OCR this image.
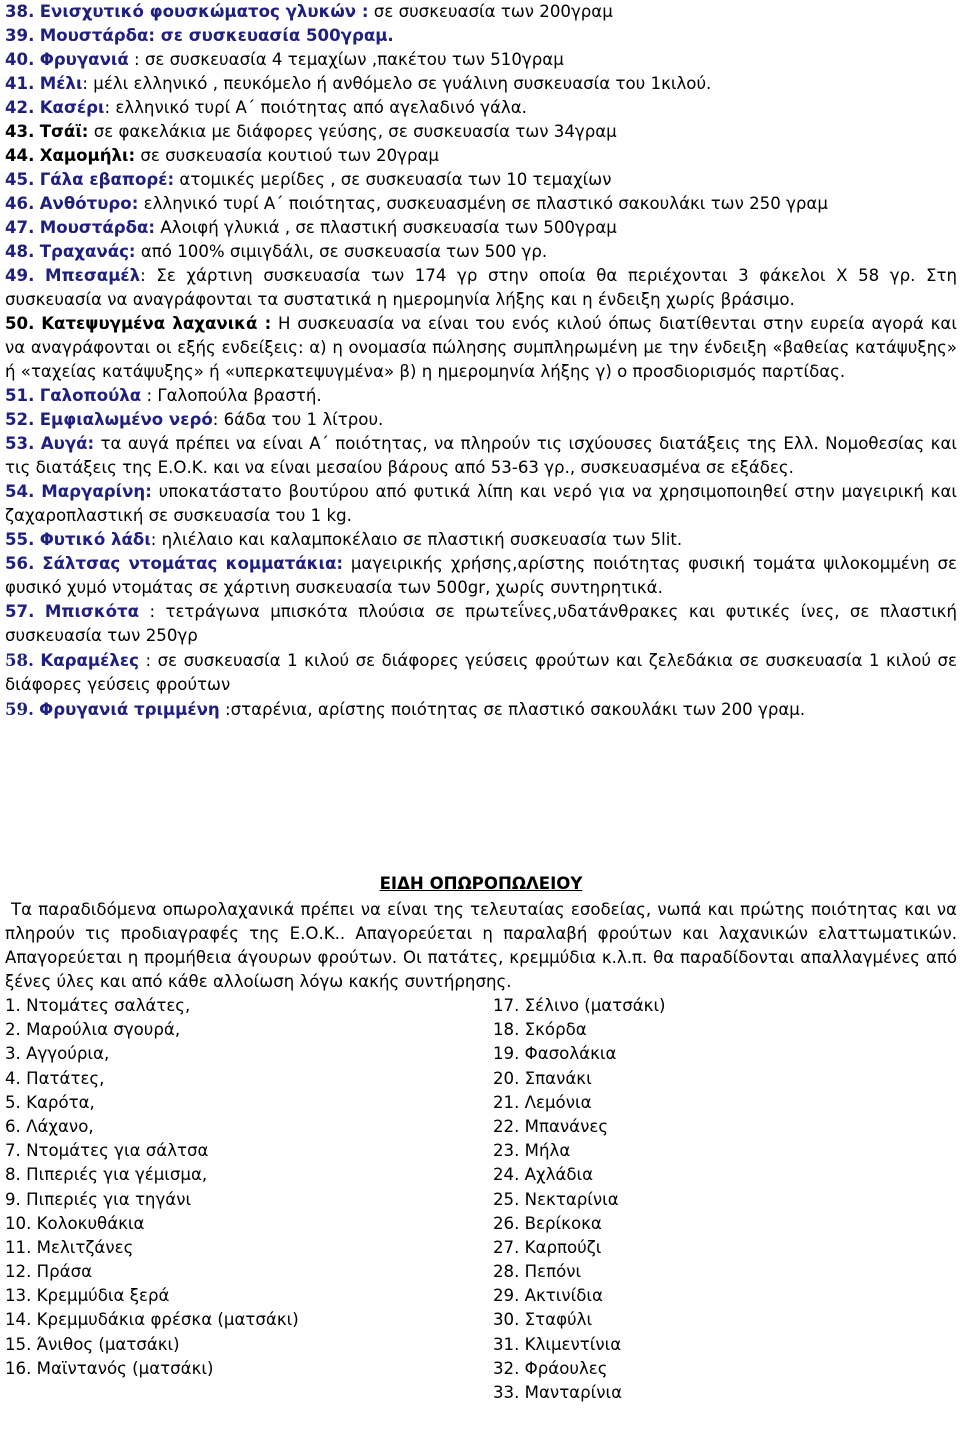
38. Ενισχυτικό φουσκώματος γλυκών : σε συσκευασία των 200γραμ

39. Μουστάρδα: σε συσκευασία 500γραμ.

40. Φρυγανιά : σε συσκευασία 4 τεμαχίων ,πακέτου των 510γραμ

41. Μέλι: μέλι ελληνικό , πευκόμελο ή ανθόμελο σε γυάλινη συσκευασία του 1κιλού.

42. Κασέρι: ελληνικό τυρί Α΄ ποιότητας από αγελαδινό γάλα.

43. Τσάϊ: σε φακελάκια με διάφορες γεύσης, σε συσκευασία των 34γραμ

44. Χαμομήλι: σε συσκευασία κουτιού των 20γραμ

45. Γάλα εβαπορέ: ατομικές μερίδες , σε συσκευασία των 10 τεμαχίων

46. Ανθότυρο: ελληνικό τυρί Α΄ ποιότητας, συσκευασμένη σε πλαστικό σακουλάκι των 250 γραμ

47. Μουστάρδα: Αλοιφή γλυκιά , σε πλαστική συσκευασία των 500γραμ

48. Τραχανάς: από 100% σιμιγδάλι, σε συσκευασία των 500 γρ.

49. Μπεσαμέλ: Σε χάρτινη συσκευασία των 174 γρ στην οποία θα περιέχονται 3 φάκελοι Χ 58 γρ. Στη συσκευασία να αναγράφονται τα συστατικά η ημερομηνία λήξης και η ένδειξη χωρίς βράσιμο.

50. Κατεψυγμένα λαχανικά : Η συσκευασία να είναι του ενός κιλού όπως διατίθενται στην ευρεία αγορά και να αναγράφονται οι εξής ενδείξεις: α) η ονομασία πώλησης συμπληρωμένη με την ένδειξη «βαθείας κατάψυξης» ή «ταχείας κατάψυξης» ή «υπερκατεψυγμένα» β) η ημερομηνία λήξης γ) ο προσδιορισμός παρτίδας.

51. Γαλοπούλα : Γαλοπούλα βραστή.

52. Εμφιαλωμένο νερό: 6άδα του 1 λίτρου.

53. Αυγά: τα αυγά πρέπει να είναι Α΄ ποιότητας, να πληρούν τις ισχύουσες διατάξεις της Ελλ. Νομοθεσίας και τις διατάξεις της Ε.Ο.Κ. και να είναι μεσαίου βάρους από 53-63 γρ., συσκευασμένα σε εξάδες.

54. Μαργαρίνη: υποκατάστατο βουτύρου από φυτικά λίπη και νερό για να χρησιμοποιηθεί στην μαγειρική και ζαχαροπλαστική σε συσκευασία του 1 kg.

55. Φυτικό λάδι: ηλιέλαιο και καλαμποκέλαιο σε πλαστική συσκευασία των 5lit.

56. Σάλτσας ντομάτας κομματάκια: μαγειρικής χρήσης,αρίστης ποιότητας φυσική τομάτα ψιλοκομμένη σε φυσικό χυμό ντομάτας σε χάρτινη συσκευασία των 500gr, χωρίς συντηρητικά.

57. Μπισκότα : τετράγωνα μπισκότα πλούσια σε πρωτεΐνες,υδατάνθρακες και φυτικές ίνες, σε πλαστική συσκευασία των 250γρ

58. Καραμέλες : σε συσκευασία 1 κιλού σε διάφορες γεύσεις φρούτων και ζελεδάκια σε συσκευασία 1 κιλού σε διάφορες γεύσεις φρούτων

59. Φρυγανιά τριμμένη :σταρένια, αρίστης ποιότητας σε πλαστικό σακουλάκι των 200 γραμ.

ΕΙΔΗ ΟΠΩΡΟΠΩΛΕΙΟΥ

Τα παραδιδόμενα οπωρολαχανικά πρέπει να είναι της τελευταίας εσοδείας, νωπά και πρώτης ποιότητας και να πληρούν τις προδιαγραφές της Ε.Ο.Κ.. Απαγορεύεται η παραλαβή φρούτων και λαχανικών ελαττωματικών. Απαγορεύεται η προμήθεια άγουρων φρούτων. Οι πατάτες, κρεμμύδια κ.λ.π. θα παραδίδονται απαλλαγμένες από ξένες ύλες και από κάθε αλλοίωση λόγω κακής συντήρησης.

1. Ντομάτες σαλάτες,
2. Μαρούλια σγουρά,
3. Αγγούρια,
4. Πατάτες,
5. Καρότα,
6. Λάχανο,
7. Ντομάτες για σάλτσα
8. Πιπεριές για γέμισμα,
9. Πιπεριές για τηγάνι
10. Κολοκυθάκια
11. Μελιτζάνες
12. Πράσα
13. Κρεμμύδια ξερά
14. Κρεμμυδάκια φρέσκα (ματσάκι)
15. Άνιθος (ματσάκι)
16. Μαϊντανός (ματσάκι)
17. Σέλινο (ματσάκι)
18. Σκόρδα
19. Φασολάκια
20. Σπανάκι
21. Λεμόνια
22. Μπανάνες
23. Μήλα
24. Αχλάδια
25. Νεκταρίνια
26. Βερίκοκα
27. Καρπούζι
28. Πεπόνι
29. Ακτινίδια
30. Σταφύλι
31. Κλιμεντίνια
32. Φράουλες
33. Μανταρίνια
